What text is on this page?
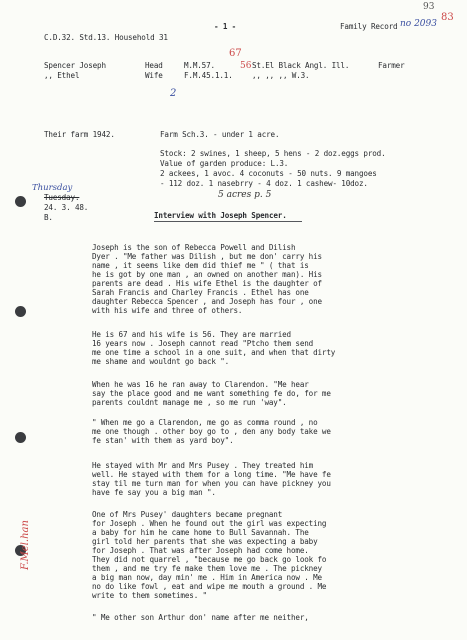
- 1 -
C.D.32. Std.13. Household 31
Family Record no 2093
93
83
Spencer Joseph	Head	M.M.57.	St.El Black Angl. Ill.	Farmer
,, Ethel	Wife	F.M.45.1.1.	,, ,, ,, W.3.
67
56
2
Their farm 1942.	Farm Sch.3. - under 1 acre.
Stock: 2 swines, 1 sheep, 5 hens - 2 doz.eggs prod.
Value of garden produce: L.3.
2 ackees, 1 avoc. 4 coconuts - 50 nuts. 9 mangoes
- 112 doz. 1 nasebrry - 4 doz. 1 cashew- 10doz.
5 acres p. 5
Thursday
Tuesday.
24. 3. 48.
B.	Interview with Joseph Spencer.
Joseph is the son of Rebecca Powell and Dilish
Dyer . "Me father was Dilish , but me don' carry his
name , it seems like dem did thief me " ( that is
he is got by one man , an owned on another man). His
parents are dead . His wife Ethel is the daughter of
Sarah Francis and Charley Francis . Ethel has one
daughter Rebecca Spencer , and Joseph has four , one
with his wife and three of others.
He is 67 and his wife is 56. They are married
16 years now . Joseph cannot read "Ptcho them send
me one time a school in a one suit, and when that dirty
me shame and wouldnt go back ".
When he was 16 he ran away to Clarendon. "Me hear
say the place good and me want something fe do, for me
parents couldnt manage me , so me run 'way".
" When me go a Clarendon, me go as comma round , no
me one though . other boy go to , den any body take we
fe stan' with them as yard boy".
He stayed with Mr and Mrs Pusey . They treated him
well. He stayed with them for a long time. "Me have fe
stay til me turn man for when you can have pickney you
have fe say you a big man ".
One of Mrs Pusey' daughters became pregnant
for Joseph . When he found out the girl was expecting
a baby for him he came home to Bull Savannah. The
girl told her parents that she was expecting a baby
for Joseph . That was after Joseph had come home.
They did not quarrel , "because me go back go look fo
them , and me try fe make them love me . The pickney
a big man now, day min' me . Him in America now . Me
no do like fowl , eat and wipe me mouth a ground . Me
write to them sometimes. "
" Me other son Arthur don' name after me neither,
F.Mel.han
